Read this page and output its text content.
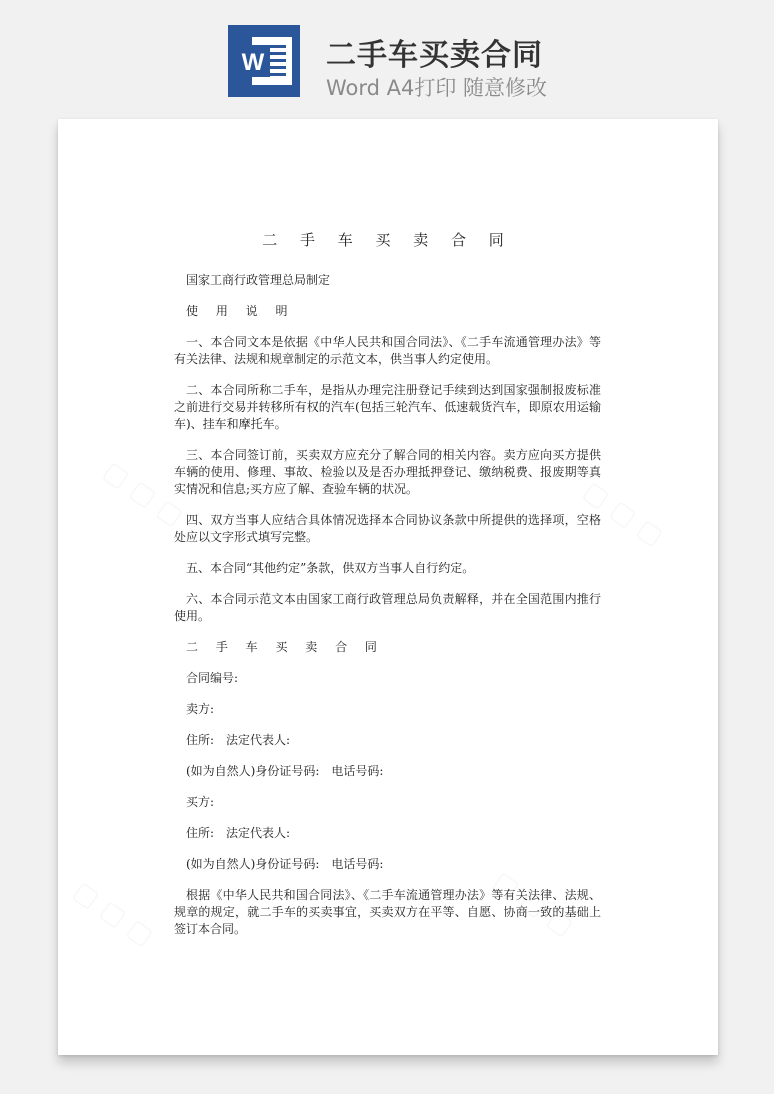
W 二手车买卖合同
Word A4打印 随意修改
▢ ▢ ▢	▢ ▢ ▢
▢ ▢ ▢	▢ ▢ ▢
二 手 车 买 卖 合 同
国家工商行政管理总局制定
使 用 说 明
一、本合同文本是依据《中华人民共和国合同法》、《二手车流通管理办法》等有关法律、法规和规章制定的示范文本，供当事人约定使用。
二、本合同所称二手车，是指从办理完注册登记手续到达到国家强制报废标准之前进行交易并转移所有权的汽车(包括三轮汽车、低速载货汽车，即原农用运输车)、挂车和摩托车。
三、本合同签订前，买卖双方应充分了解合同的相关内容。卖方应向买方提供车辆的使用、修理、事故、检验以及是否办理抵押登记、缴纳税费、报废期等真实情况和信息;买方应了解、查验车辆的状况。
四、双方当事人应结合具体情况选择本合同协议条款中所提供的选择项，空格处应以文字形式填写完整。
五、本合同“其他约定”条款，供双方当事人自行约定。
六、本合同示范文本由国家工商行政管理总局负责解释，并在全国范围内推行使用。
二 手 车 买 卖 合 同
合同编号:
卖方:
住所:　法定代表人:
(如为自然人)身份证号码:　电话号码:
买方:
住所:　法定代表人:
(如为自然人)身份证号码:　电话号码:
根据《中华人民共和国合同法》、《二手车流通管理办法》等有关法律、法规、规章的规定，就二手车的买卖事宜，买卖双方在平等、自愿、协商一致的基础上签订本合同。
